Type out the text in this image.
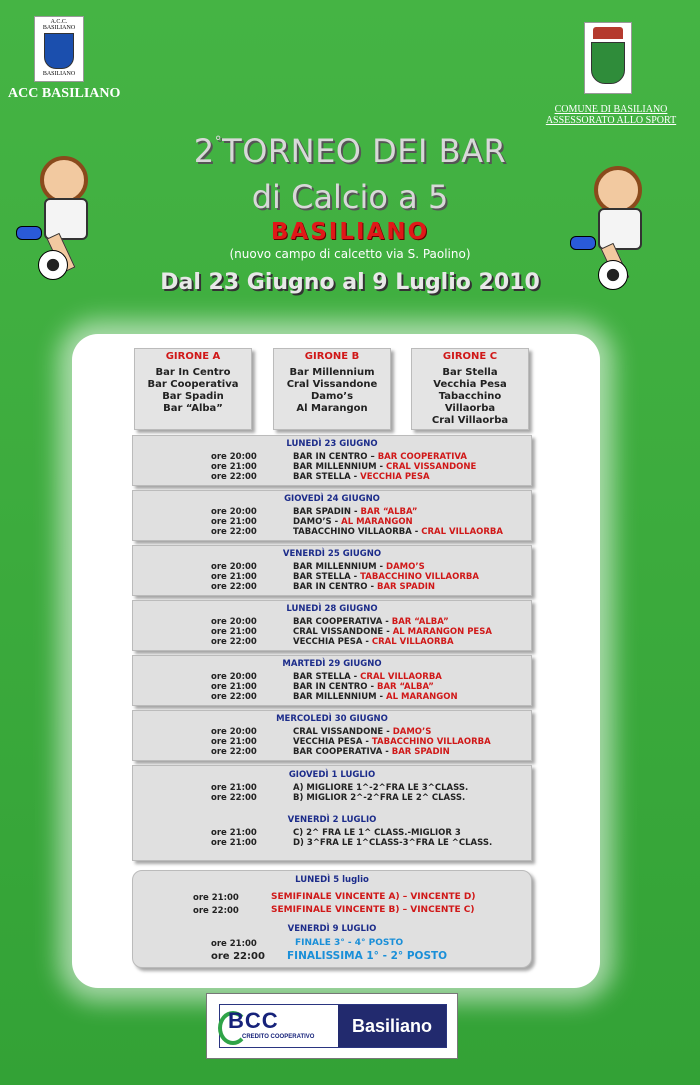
A.C.C. BASILIANO
BASILIANO
ACC BASILIANO
COMUNE DI BASILIANO
ASSESSORATO ALLO SPORT
2°TORNEO DEI BAR
di Calcio a 5
BASILIANO
(nuovo campo di calcetto via S. Paolino)
Dal 23 Giugno al 9 Luglio 2010
GIRONE A
Bar In Centro
Bar Cooperativa
Bar Spadin
Bar “Alba”
GIRONE B
Bar Millennium
Cral Vissandone
Damo’s
Al Marangon
GIRONE C
Bar Stella
Vecchia Pesa
Tabacchino Villaorba
Cral Villaorba
LUNEDÌ 23 GIUGNO
ore 20:00	BAR IN CENTRO – BAR COOPERATIVA
ore 21:00	BAR MILLENNIUM - CRAL VISSANDONE
ore 22:00	BAR STELLA - VECCHIA PESA
GIOVEDÌ 24 GIUGNO
ore 20:00	BAR SPADIN - BAR “ALBA”
ore 21:00	DAMO’S - AL MARANGON
ore 22:00	TABACCHINO VILLAORBA - CRAL VILLAORBA
VENERDÌ 25 GIUGNO
ore 20:00	BAR MILLENNIUM - DAMO’S
ore 21:00	BAR STELLA - TABACCHINO VILLAORBA
ore 22:00	BAR IN CENTRO - BAR SPADIN
LUNEDÌ 28 GIUGNO
ore 20:00	BAR COOPERATIVA - BAR “ALBA”
ore 21:00	CRAL VISSANDONE - AL MARANGON PESA
ore 22:00	VECCHIA PESA - CRAL VILLAORBA
MARTEDÌ 29 GIUGNO
ore 20:00	BAR STELLA - CRAL VILLAORBA
ore 21:00	BAR IN CENTRO - BAR “ALBA”
ore 22:00	BAR MILLENNIUM - AL MARANGON
MERCOLEDÌ 30 GIUGNO
ore 20:00	CRAL VISSANDONE - DAMO’S
ore 21:00	VECCHIA PESA - TABACCHINO VILLAORBA
ore 22:00	BAR COOPERATIVA - BAR SPADIN
GIOVEDÌ 1 LUGLIO
ore 21:00	A) MIGLIORE 1^-2^FRA LE 3^CLASS.
ore 22:00	B) MIGLIOR 2^-2^FRA LE 2^ CLASS.
VENERDÌ 2 LUGLIO
ore 21:00	C) 2^ FRA LE 1^ CLASS.-MIGLIOR 3
ore 21:00	D) 3^FRA LE 1^CLASS-3^FRA LE ^CLASS.
LUNEDÌ 5 luglio
ore 21:00	SEMIFINALE VINCENTE A) – VINCENTE D)
ore 22:00	SEMIFINALE VINCENTE B) – VINCENTE C)
VENERDÌ 9 LUGLIO
ore 21:00	FINALE 3° - 4° POSTO
ore 22:00 FINALISSIMA 1° - 2° POSTO
BCC
CREDITO COOPERATIVO
Basiliano
